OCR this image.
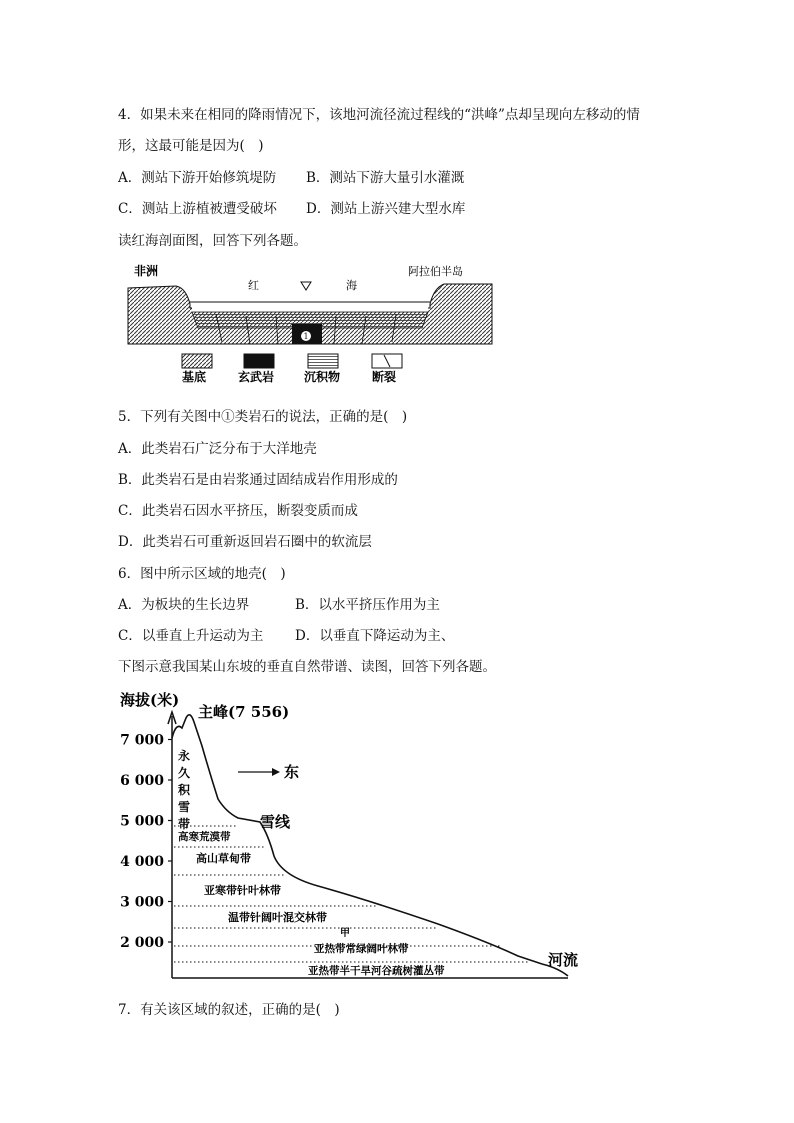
4．如果未来在相同的降雨情况下，该地河流径流过程线的“洪峰”点却呈现向左移动的情
形，这最可能是因为(　)
A．测站下游开始修筑堤防 B．测站下游大量引水灌溉
C．测站上游植被遭受破坏 D．测站上游兴建大型水库
读红海剖面图，回答下列各题。
非洲
红	海
阿拉伯半岛
1
基底	玄武岩 沉积物	断裂
5．下列有关图中①类岩石的说法，正确的是(　)
A．此类岩石广泛分布于大洋地壳
B．此类岩石是由岩浆通过固结成岩作用形成的
C．此类岩石因水平挤压，断裂变质而成
D．此类岩石可重新返回岩石圈中的软流层
6．图中所示区域的地壳(　)
A．为板块的生长边界	B．以水平挤压作用为主
C．以垂直上升运动为主 D．以垂直下降运动为主、
下图示意我国某山东坡的垂直自然带谱、读图，回答下列各题。
海拔(米)
主峰(7 556)
7 000
6 000
5 000
4 000
3 000
2 000
永
久
积
雪
带
东
雪线
高寒荒漠带
高山草甸带
亚寒带针叶林带
温带针阔叶混交林带
甲
亚热带常绿阔叶林带
亚热带半干旱河谷疏树灌丛带
河流
7．有关该区域的叙述，正确的是(　)
